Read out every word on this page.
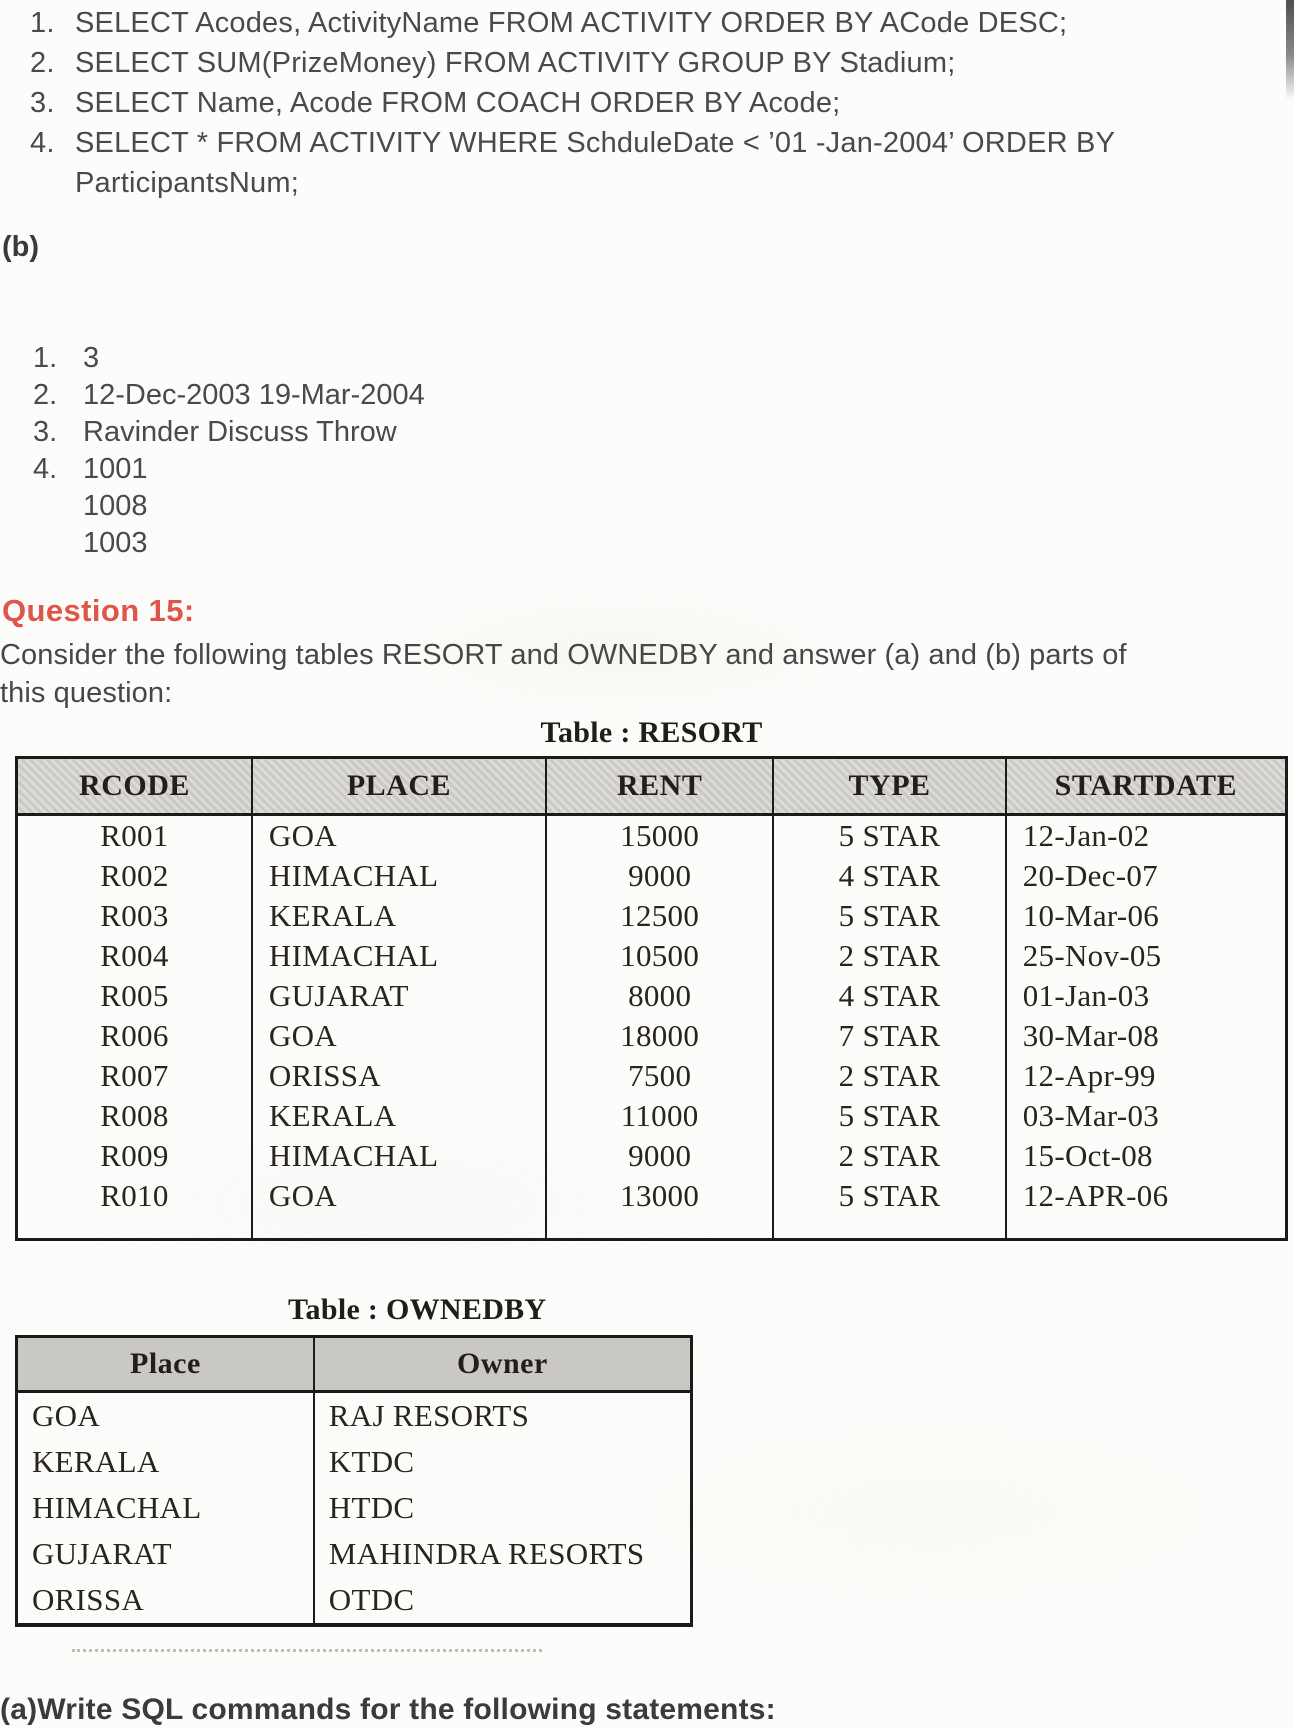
1. SELECT Acodes, ActivityName FROM ACTIVITY ORDER BY ACode DESC;
2. SELECT SUM(PrizeMoney) FROM ACTIVITY GROUP BY Stadium;
3. SELECT Name, Acode FROM COACH ORDER BY Acode;
4. SELECT * FROM ACTIVITY WHERE SchduleDate < ’01 -Jan-2004’ ORDER BY
ParticipantsNum;
(b)
1. 3
2. 12-Dec-2003 19-Mar-2004
3. Ravinder Discuss Throw
4. 1001
1008
1003
Question 15:
Consider the following tables RESORT and OWNEDBY and answer (a) and (b) parts of
this question:
Table : RESORT
RCODE	PLACE	RENT	TYPE	STARTDATE
R001	GOA	15000	5 STAR	12-Jan-02
R002	HIMACHAL	9000	4 STAR	20-Dec-07
R003	KERALA	12500	5 STAR	10-Mar-06
R004	HIMACHAL	10500	2 STAR	25-Nov-05
R005	GUJARAT	8000	4 STAR	01-Jan-03
R006	GOA	18000	7 STAR	30-Mar-08
R007	ORISSA	7500	2 STAR	12-Apr-99
R008	KERALA	11000	5 STAR	03-Mar-03
R009	HIMACHAL	9000	2 STAR	15-Oct-08
R010	GOA	13000	5 STAR	12-APR-06

Table : OWNEDBY
Place	Owner
GOA	RAJ RESORTS
KERALA	KTDC
HIMACHAL	HTDC
GUJARAT	MAHINDRA RESORTS
ORISSA	OTDC
(a)Write SQL commands for the following statements:
